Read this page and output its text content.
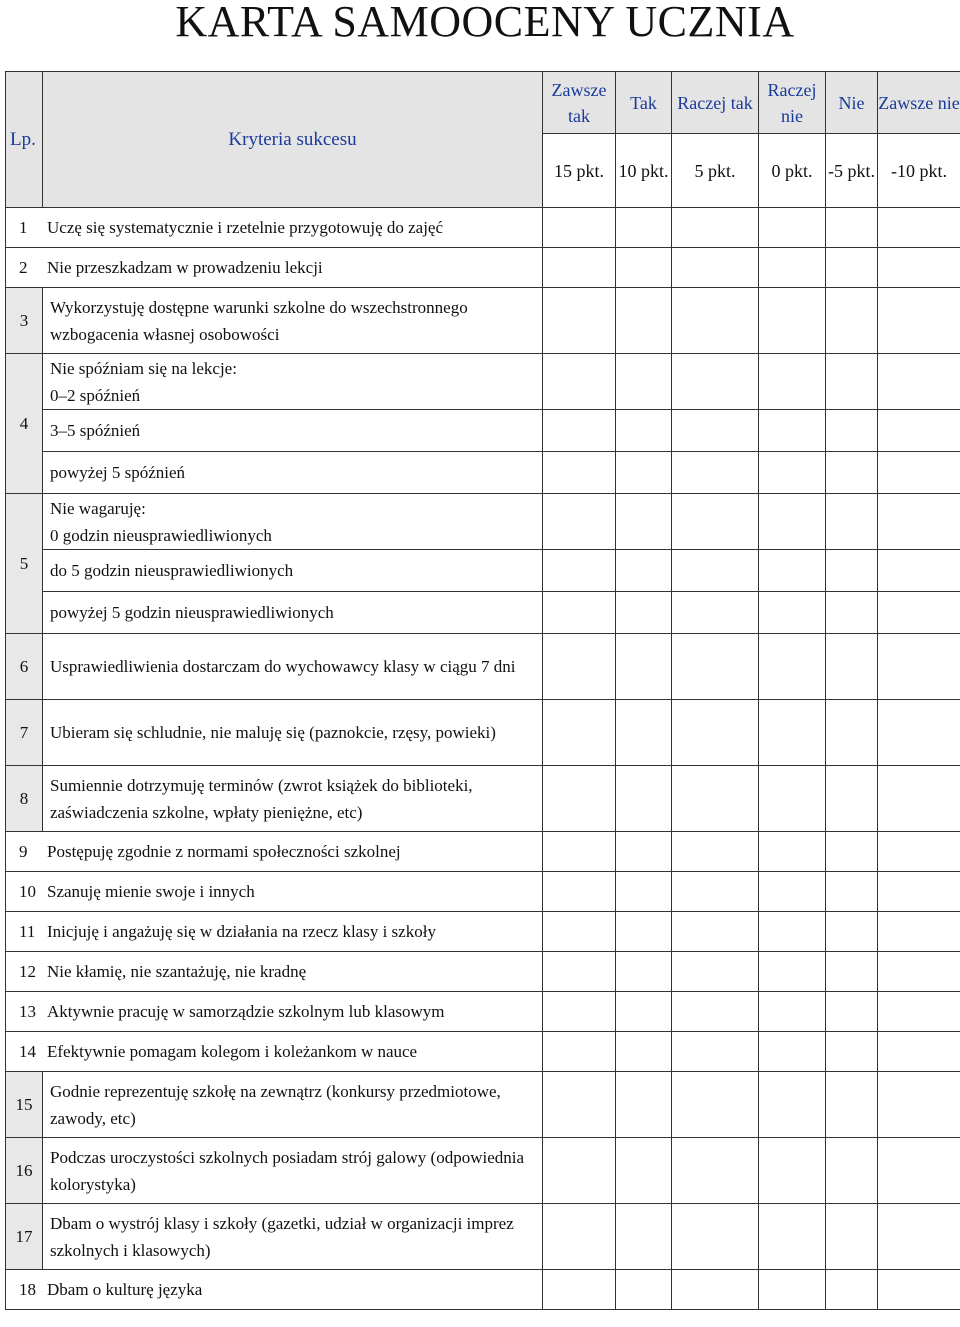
KARTA SAMOOCENY UCZNIA
Lp.	Kryteria sukcesu	Zawsze tak	Tak	Raczej tak	Raczej nie	Nie	Zawsze nie
		15 pkt.	10 pkt.	5 pkt.	0 pkt.	-5 pkt.	-10 pkt.
1 Uczę się systematycznie i rzetelnie przygotowuję do zajęć							
2 Nie przeszkadzam w prowadzeniu lekcji							
3	Wykorzystuję dostępne warunki szkolne do wszechstronnego wzbogacenia własnej osobowości						
4	Nie spóźniam się na lekcje:
0–2 spóźnień						

	3–5 spóźnień						
	powyżej 5 spóźnień						
5	Nie wagaruję:
0 godzin nieusprawiedliwionych						

	do 5 godzin nieusprawiedliwionych						
	powyżej 5 godzin nieusprawiedliwionych						
6	Usprawiedliwienia dostarczam do wychowawcy klasy w ciągu 7 dni						
7	Ubieram się schludnie, nie maluję się (paznokcie, rzęsy, powieki)						
8	Sumiennie dotrzymuję terminów (zwrot książek do biblioteki, zaświadczenia szkolne, wpłaty pieniężne, etc)						
9 Postępuję zgodnie z normami społeczności szkolnej							
10 Szanuję mienie swoje i innych							
11 Inicjuję i angażuję się w działania na rzecz klasy i szkoły							
12 Nie kłamię, nie szantażuję, nie kradnę							
13 Aktywnie pracuję w samorządzie szkolnym lub klasowym							
14 Efektywnie pomagam kolegom i koleżankom w nauce							
15	Godnie reprezentuję szkołę na zewnątrz (konkursy przedmiotowe, zawody, etc)						
16	Podczas uroczystości szkolnych posiadam strój galowy (odpowiednia kolorystyka)						
17	Dbam o wystrój klasy i szkoły (gazetki, udział w organizacji imprez szkolnych i klasowych)						
18 Dbam o kulturę języka							
